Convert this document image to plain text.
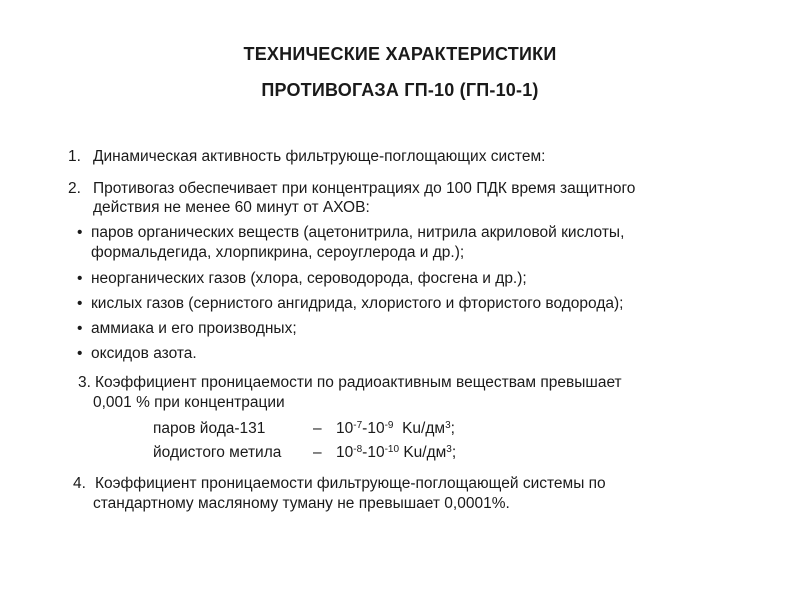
ТЕХНИЧЕСКИЕ ХАРАКТЕРИСТИКИ
ПРОТИВОГАЗА ГП-10 (ГП-10-1)
1. Динамическая активность фильтрующе-поглощающих систем:
2. Противогаз обеспечивает при концентрациях до 100 ПДК время защитного
действия не менее 60 минут от АХОВ:
• паров органических веществ (ацетонитрила, нитрила акриловой кислоты,
формальдегида, хлорпикрина, сероуглерода и др.);
• неорганических газов (хлора, сероводорода, фосгена и др.);
• кислых газов (сернистого ангидрида, хлористого и фтористого водорода);
• аммиака и его производных;
• оксидов азота.
3. Коэффициент проницаемости по радиоактивным веществам превышает
0,001 % при концентрации
паров йода-131	– $10^{-7}-10^{-9}$ $Ku/дм^3$;
йодистого метила – $10^{-8}-10^{-10}$ $Ku/дм^3$;
4. Коэффициент проницаемости фильтрующе-поглощающей системы по
стандартному масляному туману не превышает 0,0001%.
